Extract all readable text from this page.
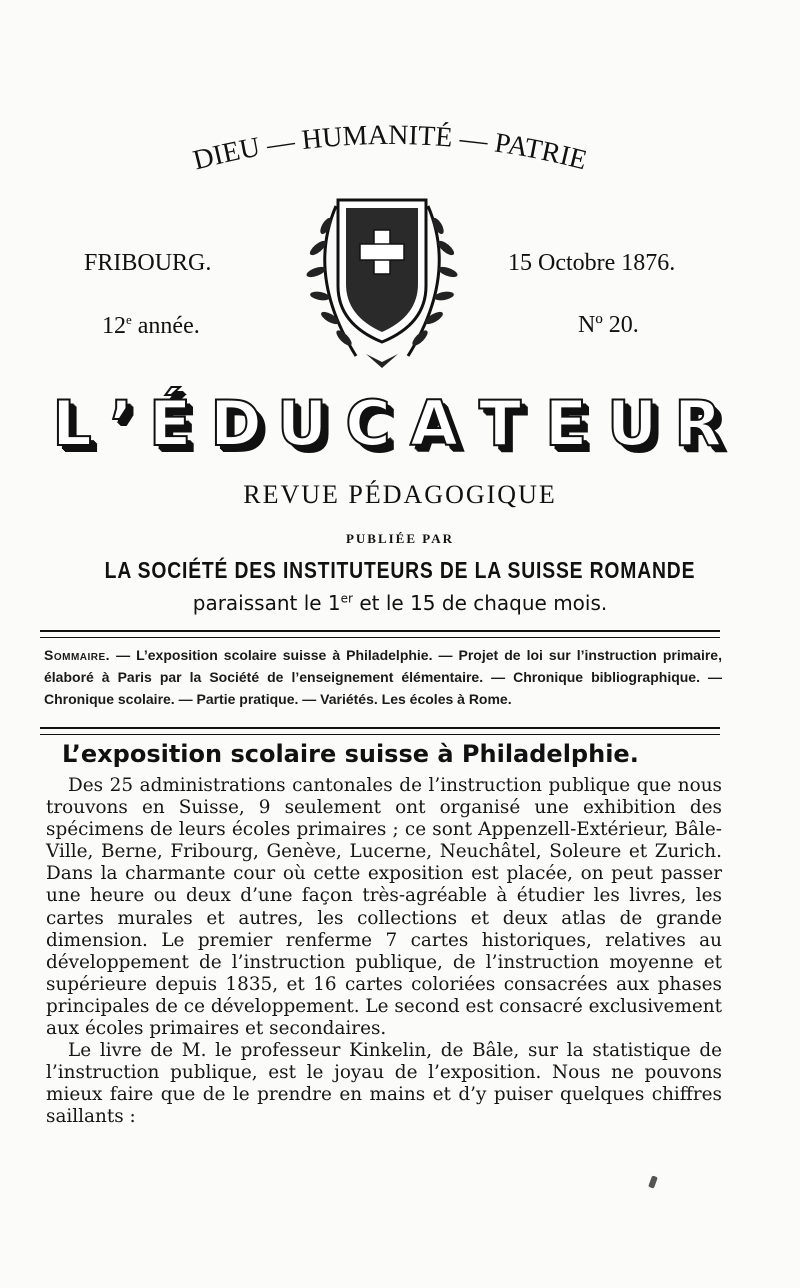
DIEU — HUMANITÉ — PATRIE
FRIBOURG.	15 Octobre 1876.
12e année.	Nº 20.
L ’ É D U C A T E U R
REVUE PÉDAGOGIQUE
PUBLIÉE PAR
LA SOCIÉTÉ DES INSTITUTEURS DE LA SUISSE ROMANDE
paraissant le 1er et le 15 de chaque mois.
Sommaire. — L’exposition scolaire suisse à Philadelphie. — Projet de loi sur l’instruction primaire, élaboré à Paris par la Société de l’enseignement élémentaire. — Chronique bibliographique. — Chronique scolaire. — Partie pratique. — Variétés. Les écoles à Rome.
L’exposition scolaire suisse à Philadelphie.

Des 25 administrations cantonales de l’instruction publique que nous trouvons en Suisse, 9 seulement ont organisé une exhibition des spécimens de leurs écoles primaires ; ce sont Appenzell-Extérieur, Bâle-Ville, Berne, Fribourg, Genève, Lucerne, Neuchâtel, Soleure et Zurich. Dans la charmante cour où cette exposition est placée, on peut passer une heure ou deux d’une façon très-agréable à étudier les livres, les cartes murales et autres, les collections et deux atlas de grande dimension. Le premier renferme 7 cartes historiques, relatives au développement de l’instruction publique, de l’instruction moyenne et supérieure depuis 1835, et 16 cartes coloriées consacrées aux phases principales de ce développement. Le second est consacré exclusivement aux écoles primaires et secondaires.

Le livre de M. le professeur Kinkelin, de Bâle, sur la statistique de l’instruction publique, est le joyau de l’exposition. Nous ne pouvons mieux faire que de le prendre en mains et d’y puiser quelques chiffres saillants :
